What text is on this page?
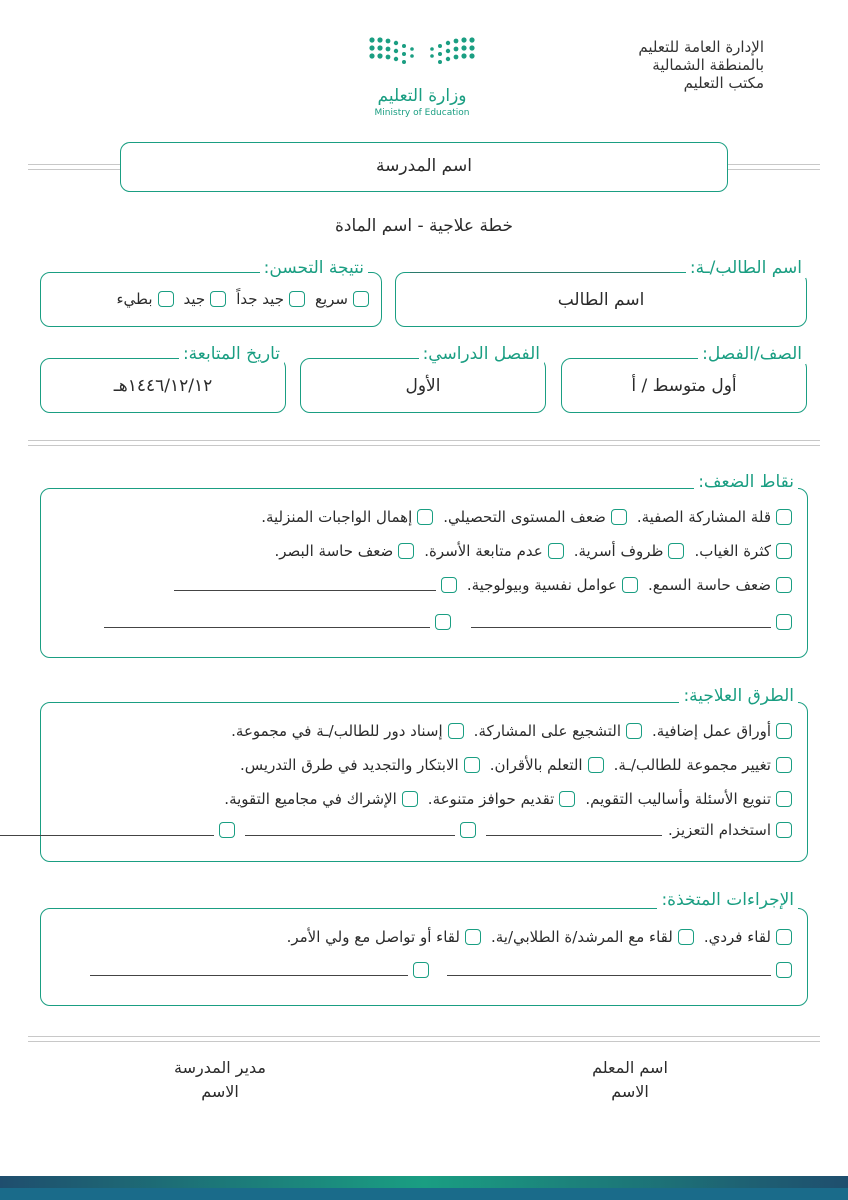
الإدارة العامة للتعليم
بالمنطقة الشمالية
مكتب التعليم
وزارة التعليم
Ministry of Education
اسم المدرسة
خطة علاجية - اسم المادة
اسم الطالب
اسم الطالب/ـة:
سريع
جيد جداً
جيد
بطيء
نتيجة التحسن:
أول متوسط / أ
الصف/الفصل:
الأول
الفصل الدراسي:
١٤٤٦/١٢/١٢هـ
تاريخ المتابعة:
نقاط الضعف:
قلة المشاركة الصفية.
ضعف المستوى التحصيلي.
إهمال الواجبات المنزلية.
كثرة الغياب.
ظروف أسرية.
عدم متابعة الأسرة.
ضعف حاسة البصر.
ضعف حاسة السمع.
عوامل نفسية وبيولوجية.
الطرق العلاجية:
أوراق عمل إضافية.
التشجيع على المشاركة.
إسناد دور للطالب/ـة في مجموعة.
تغيير مجموعة للطالب/ـة.
التعلم بالأقران.
الابتكار والتجديد في طرق التدريس.
تنويع الأسئلة وأساليب التقويم.
تقديم حوافز متنوعة.
الإشراك في مجاميع التقوية.
استخدام التعزيز.
الإجراءات المتخذة:
لقاء فردي.
لقاء مع المرشد/ة الطلابي/ية.
لقاء أو تواصل مع ولي الأمر.
اسم المعلم
الاسم
مدير المدرسة
الاسم
